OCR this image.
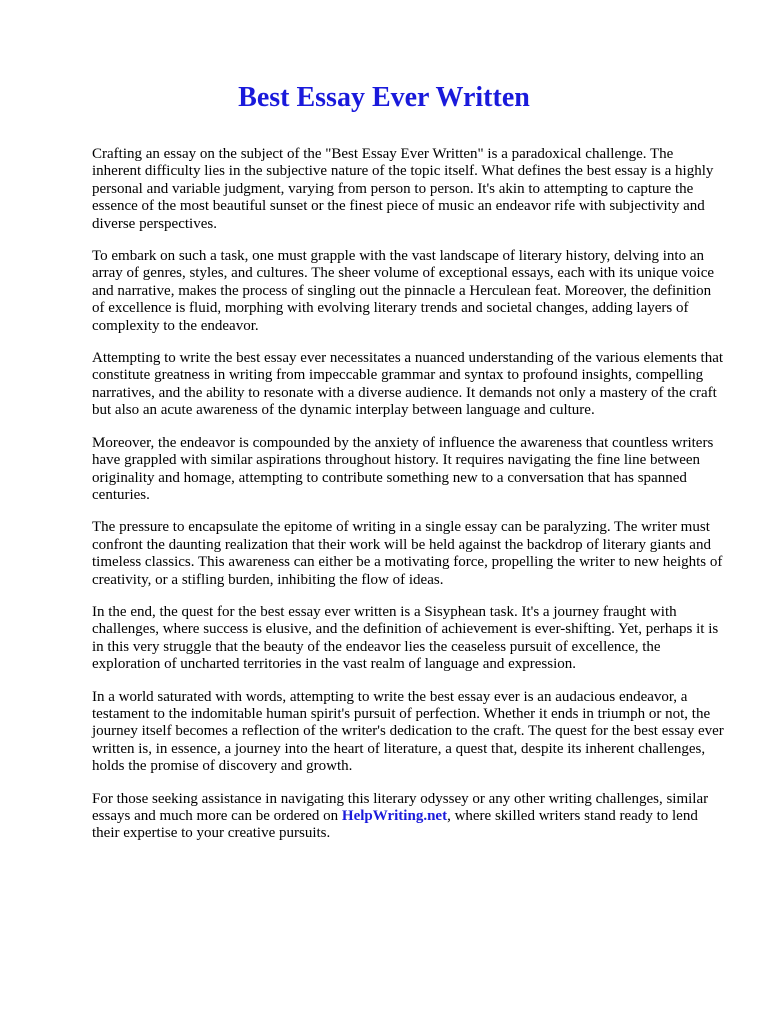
Best Essay Ever Written

Crafting an essay on the subject of the "Best Essay Ever Written" is a paradoxical challenge. The inherent difficulty lies in the subjective nature of the topic itself. What defines the best essay is a highly personal and variable judgment, varying from person to person. It's akin to attempting to capture the essence of the most beautiful sunset or the finest piece of music an endeavor rife with subjectivity and diverse perspectives.

To embark on such a task, one must grapple with the vast landscape of literary history, delving into an array of genres, styles, and cultures. The sheer volume of exceptional essays, each with its unique voice and narrative, makes the process of singling out the pinnacle a Herculean feat. Moreover, the definition of excellence is fluid, morphing with evolving literary trends and societal changes, adding layers of complexity to the endeavor.

Attempting to write the best essay ever necessitates a nuanced understanding of the various elements that constitute greatness in writing from impeccable grammar and syntax to profound insights, compelling narratives, and the ability to resonate with a diverse audience. It demands not only a mastery of the craft but also an acute awareness of the dynamic interplay between language and culture.

Moreover, the endeavor is compounded by the anxiety of influence the awareness that countless writers have grappled with similar aspirations throughout history. It requires navigating the fine line between originality and homage, attempting to contribute something new to a conversation that has spanned centuries.

The pressure to encapsulate the epitome of writing in a single essay can be paralyzing. The writer must confront the daunting realization that their work will be held against the backdrop of literary giants and timeless classics. This awareness can either be a motivating force, propelling the writer to new heights of creativity, or a stifling burden, inhibiting the flow of ideas.

In the end, the quest for the best essay ever written is a Sisyphean task. It's a journey fraught with challenges, where success is elusive, and the definition of achievement is ever-shifting. Yet, perhaps it is in this very struggle that the beauty of the endeavor lies the ceaseless pursuit of excellence, the exploration of uncharted territories in the vast realm of language and expression.

In a world saturated with words, attempting to write the best essay ever is an audacious endeavor, a testament to the indomitable human spirit's pursuit of perfection. Whether it ends in triumph or not, the journey itself becomes a reflection of the writer's dedication to the craft. The quest for the best essay ever written is, in essence, a journey into the heart of literature, a quest that, despite its inherent challenges, holds the promise of discovery and growth.

For those seeking assistance in navigating this literary odyssey or any other writing challenges, similar essays and much more can be ordered on HelpWriting.net, where skilled writers stand ready to lend their expertise to your creative pursuits.
